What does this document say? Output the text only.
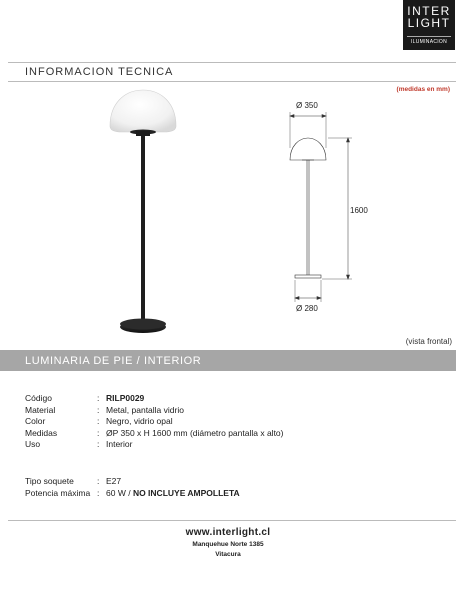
INTER
LIGHT
ILUMINACION
INFORMACION TECNICA
(medidas en mm)
Ø 350
1600
Ø 280
(vista frontal)
LUMINARIA DE PIE / INTERIOR
Código	: RILP0029
Material	: Metal, pantalla vidrio
Color	: Negro, vidrio opal
Medidas	: ØP 350 x H 1600 mm (diámetro pantalla x alto)
Uso	: Interior
Tipo soquete	: E27
Potencia máxima : 60 W / NO INCLUYE AMPOLLETA
www.interlight.cl
Manquehue Norte 1385
Vitacura
